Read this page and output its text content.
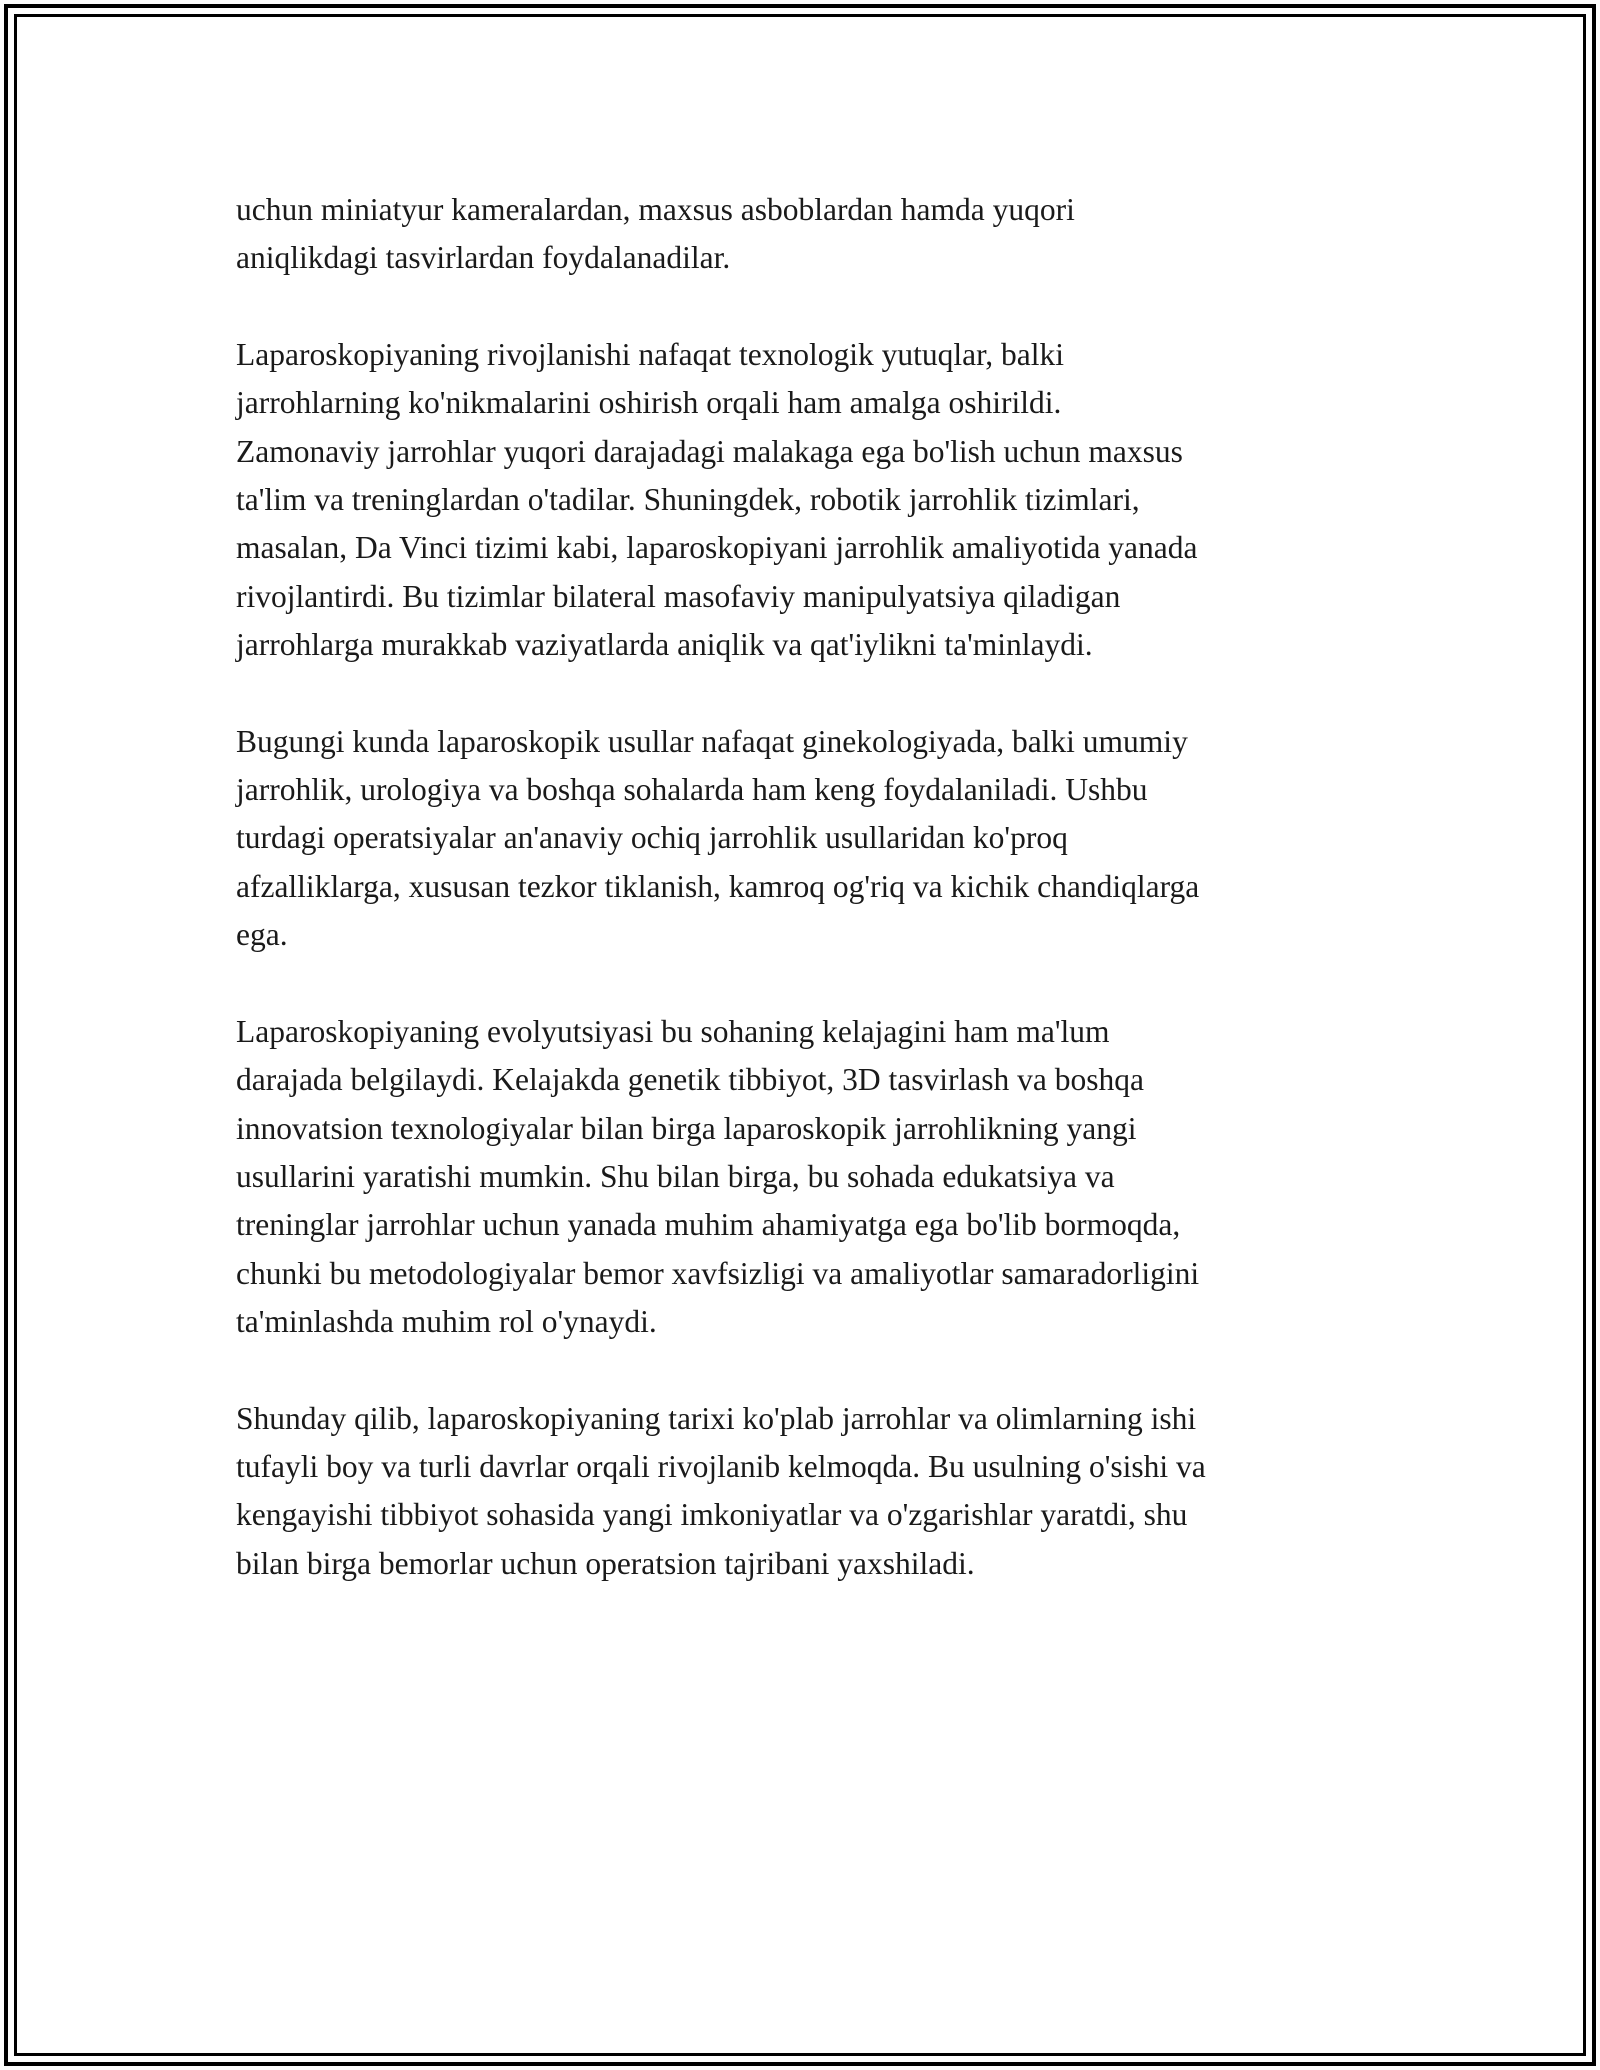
uchun miniatyur kameralardan, maxsus asboblardan hamda yuqori
aniqlikdagi tasvirlardan foydalanadilar.

Laparoskopiyaning rivojlanishi nafaqat texnologik yutuqlar, balki
jarrohlarning ko'nikmalarini oshirish orqali ham amalga oshirildi.
Zamonaviy jarrohlar yuqori darajadagi malakaga ega bo'lish uchun maxsus
ta'lim va treninglardan o'tadilar. Shuningdek, robotik jarrohlik tizimlari,
masalan, Da Vinci tizimi kabi, laparoskopiyani jarrohlik amaliyotida yanada
rivojlantirdi. Bu tizimlar bilateral masofaviy manipulyatsiya qiladigan
jarrohlarga murakkab vaziyatlarda aniqlik va qat'iylikni ta'minlaydi.

Bugungi kunda laparoskopik usullar nafaqat ginekologiyada, balki umumiy
jarrohlik, urologiya va boshqa sohalarda ham keng foydalaniladi. Ushbu
turdagi operatsiyalar an'anaviy ochiq jarrohlik usullaridan ko'proq
afzalliklarga, xususan tezkor tiklanish, kamroq og'riq va kichik chandiqlarga
ega.

Laparoskopiyaning evolyutsiyasi bu sohaning kelajagini ham ma'lum
darajada belgilaydi. Kelajakda genetik tibbiyot, 3D tasvirlash va boshqa
innovatsion texnologiyalar bilan birga laparoskopik jarrohlikning yangi
usullarini yaratishi mumkin. Shu bilan birga, bu sohada edukatsiya va
treninglar jarrohlar uchun yanada muhim ahamiyatga ega bo'lib bormoqda,
chunki bu metodologiyalar bemor xavfsizligi va amaliyotlar samaradorligini
ta'minlashda muhim rol o'ynaydi.

Shunday qilib, laparoskopiyaning tarixi ko'plab jarrohlar va olimlarning ishi
tufayli boy va turli davrlar orqali rivojlanib kelmoqda. Bu usulning o'sishi va
kengayishi tibbiyot sohasida yangi imkoniyatlar va o'zgarishlar yaratdi, shu
bilan birga bemorlar uchun operatsion tajribani yaxshiladi.
